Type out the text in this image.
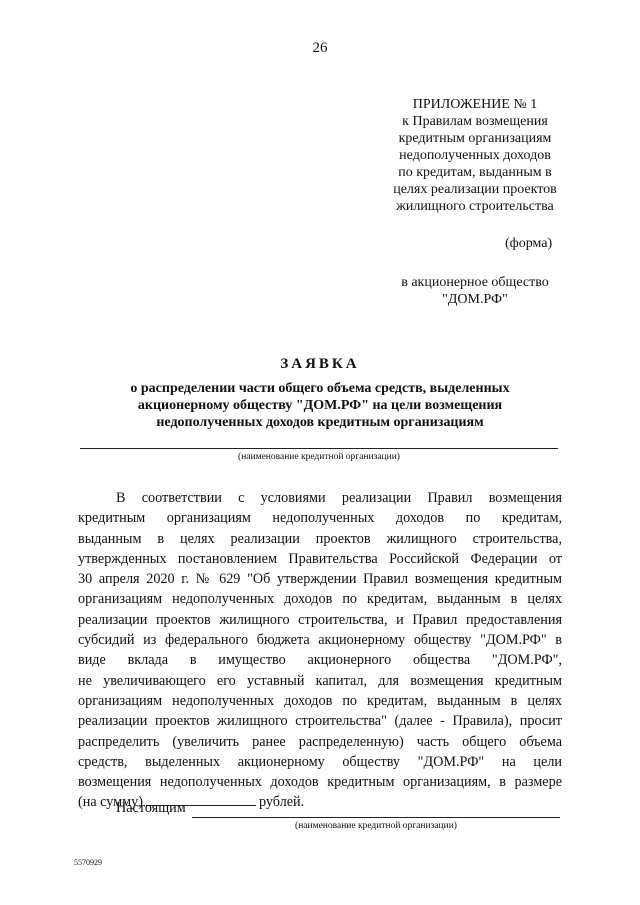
26
ПРИЛОЖЕНИЕ № 1
к Правилам возмещения
кредитным организациям
недополученных доходов
по кредитам, выданным в
целях реализации проектов
жилищного строительства
(форма)
в акционерное общество
"ДОМ.РФ"
ЗАЯВКА
о распределении части общего объема средств, выделенных
акционерному обществу "ДОМ.РФ" на цели возмещения
недополученных доходов кредитным организациям
(наименование кредитной организации)
В соответствии с условиями реализации Правил возмещения
кредитным организациям недополученных доходов по кредитам,
выданным в целях реализации проектов жилищного строительства,
утвержденных постановлением Правительства Российской Федерации от
30 апреля 2020 г. № 629 "Об утверждении Правил возмещения кредитным
организациям недополученных доходов по кредитам, выданным в целях
реализации проектов жилищного строительства, и Правил предоставления
субсидий из федерального бюджета акционерному обществу "ДОМ.РФ" в
виде вклада в имущество акционерного общества "ДОМ.РФ",
не увеличивающего его уставный капитал, для возмещения кредитным
организациям недополученных доходов по кредитам, выданным в целях
реализации проектов жилищного строительства" (далее - Правила), просит
распределить (увеличить ранее распределенную) часть общего объема
средств, выделенных акционерному обществу "ДОМ.РФ" на цели
возмещения недополученных доходов кредитным организациям, в размере
(на сумму)	рублей.
Настоящим
(наименование кредитной организации)
5570929
